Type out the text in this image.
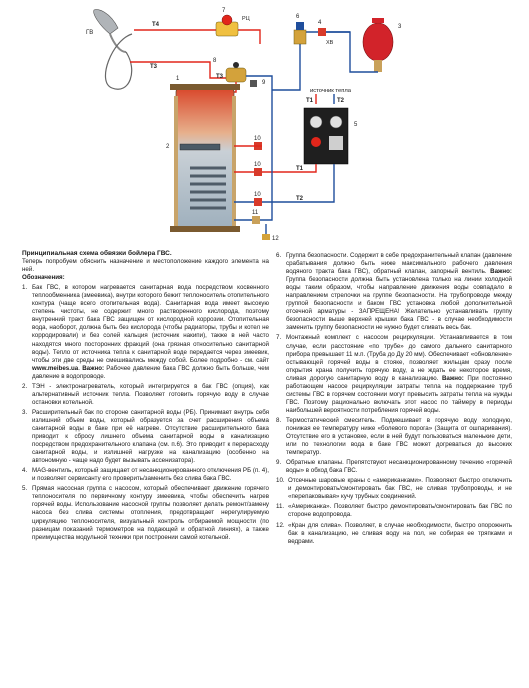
ГВ
Т4
Т3
РЦ
7
ХВ
6
4
3
8
Т3
9
1
2
источник тепла
Т1	Т2
5
Т1
Т2
10
10
10
11
12
Принципиальная схема обвязки бойлера ГВС.
Теперь попробуем обяснить назначение и местоположение каждого элемента на ней.
Обозначения:
1. Бак ГВС, в котором нагревается санитарная вода посредством косвенного теплообменника (змеевика), внутри которого бежит теплоноситель отопительного контура (чаще всего отопительная вода). Санитарная вода имеет высокую степень чистоты, не содержит много растворенного кислорода, поэтому внутренний тракт бака ГВС защищен от кислородной коррозии. Отопительная вода, наоборот, должна быть без кислорода (чтобы радиаторы, трубы и котел не корродировали) и без солей кальция (источник накипи), также в ней часто находятся много посторонних фракций (она грязная относительно санитарной воды). Тепло от источника тепла к санитарной воде передается через змеевик, чтобы эти две среды не смешивались между собой. Более подробно - см. сайт www.meibes.ua. Важно: Рабочее давление бака ГВС должно быть больше, чем давление в водопроводе.
2. ТЭН - электронагреватель, который интегрируется в бак ГВС (опция), как альтернативный источник тепла. Позволяет готовить горячую воду в случае остановки котельной.
3. Расширительный бак по стороне санитарной воды (РБ). Принимает внутрь себя излишний объем воды, который образуется за счет расширения объема санитарной воды в баке при её нагреве. Отсутствие расширительного бака приводит к сбросу лишнего объема санитарной воды в канализацию посредством предохранительного клапана (см. п.6). Это приводит к перерасходу санитарной воды, и излишней нагрузке на канализацию (особенно на автономную - чаще надо будет вызывать ассенизатора).
4. MAG-вентиль, который защищает от несанкционированного отключения РБ (п. 4), и позволяет сервисанту его проверить/заменить без слива бака ГВС.
5. Прямая насосная группа с насосом, который обеспечивает движение горячего теплоносителя по первичному контуру змеевика, чтобы обеспечить нагрев горячей воды. Использование насосной группы позволяет делать ремонт/замену насоса без слива системы отопления, предотвращает нерегулируемую циркуляцию теплоносителя, визуальный контроль отбираемой мощности (по разницам показаний термометров на подающей и обратной линиях), а также преимущества модульной техники при построении самой котельной.
6. Группа безопасности. Содержит в себе предохранительный клапан (давление срабатывания должно быть ниже максимального рабочего давления водяного тракта бака ГВС), обратный клапан, запорный вентиль. Важно: Группа безопасности должна быть установлена только на линии холодной воды таким образом, чтобы направление движения воды совпадало в направлением стрелочки на группе безопасности. На трубопроводе между группой безопасности и баком ГВС установка любой дополнительной отсечной арматуры - ЗАПРЕЩЕНА! Желательно устанавливать группу безопасности выше верхней крышки бака ГВС - в случае необходимости заменить группу безопасности не нужно будет сливать весь бак.
7. Монтажный комплект с насосом рециркуляции. Устанавливается в том случае, если расстояние «по трубе» до самого дальнего санитарного прибора превышает 11 м.п. (Труба до Ду 20 мм). Обеспечивает «обновление» остывающей горячей воды в стояке, позволяет жильцам сразу после открытия крана получить горячую воду, а не ждать ее некоторое время, сливая дорогую санитарную воду в канализацию. Важно: При постоянно работающем насосе рециркуляции затраты тепла на поддержание труб системы ГВС в горячем состоянии могут превысить затраты тепла на нужды ГВС. Поэтому рационально включать этот насос по таймеру в периоды наибольшей вероятности потребления горячей воды.
8. Термостатический смеситель. Подмешивает в горячую воду холодную, понижая ее температуру ниже «болевого порога» (Защита от ошпаривания). Отсутствие его в установке, если в ней будут пользоваться маленькие дети, или по технологии вода в баке ГВС может догреваться до высоких температур.
9. Обратные клапаны. Препятствуют несанкционированному течению «горячей воды» в обход бака ГВС.
10. Отсечные шаровые краны с «американками». Позволяют быстро отключить и демонтировать/смонтировать бак ГВС, не сливая трубопроводы, и не «перепаковывая» кучу трубных соединений.
11. «Американка». Позволяет быстро демонтировать/смонтировать бак ГВС по стороне водопровода.
12. «Кран для слива». Позволяет, в случае необходимости, быстро опорожнить бак в канализацию, не сливая воду на пол, не собирая ее тряпками и ведрами.
